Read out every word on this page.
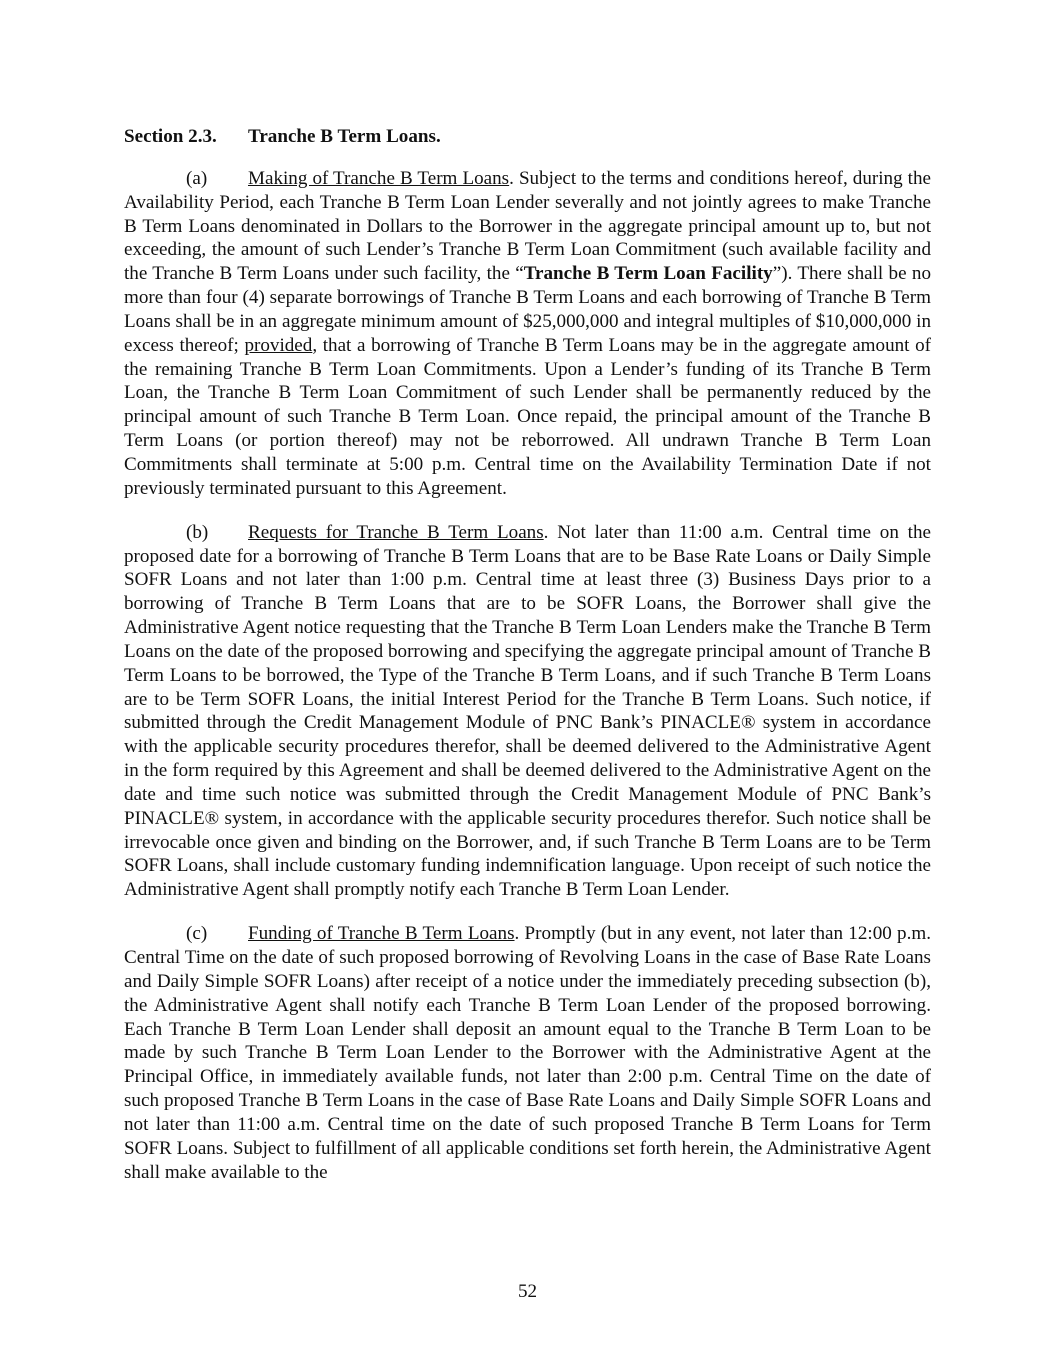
Section 2.3. Tranche B Term Loans.

(a) Making of Tranche B Term Loans. Subject to the terms and conditions hereof, during the Availability Period, each Tranche B Term Loan Lender severally and not jointly agrees to make Tranche B Term Loans denominated in Dollars to the Borrower in the aggregate principal amount up to, but not exceeding, the amount of such Lender’s Tranche B Term Loan Commitment (such available facility and the Tranche B Term Loans under such facility, the “Tranche B Term Loan Facility”). There shall be no more than four (4) separate borrowings of Tranche B Term Loans and each borrowing of Tranche B Term Loans shall be in an aggregate minimum amount of $25,000,000 and integral multiples of $10,000,000 in excess thereof; provided, that a borrowing of Tranche B Term Loans may be in the aggregate amount of the remaining Tranche B Term Loan Commitments. Upon a Lender’s funding of its Tranche B Term Loan, the Tranche B Term Loan Commitment of such Lender shall be permanently reduced by the principal amount of such Tranche B Term Loan. Once repaid, the principal amount of the Tranche B Term Loans (or portion thereof) may not be reborrowed. All undrawn Tranche B Term Loan Commitments shall terminate at 5:00 p.m. Central time on the Availability Termination Date if not previously terminated pursuant to this Agreement.

(b) Requests for Tranche B Term Loans. Not later than 11:00 a.m. Central time on the proposed date for a borrowing of Tranche B Term Loans that are to be Base Rate Loans or Daily Simple SOFR Loans and not later than 1:00 p.m. Central time at least three (3) Business Days prior to a borrowing of Tranche B Term Loans that are to be SOFR Loans, the Borrower shall give the Administrative Agent notice requesting that the Tranche B Term Loan Lenders make the Tranche B Term Loans on the date of the proposed borrowing and specifying the aggregate principal amount of Tranche B Term Loans to be borrowed, the Type of the Tranche B Term Loans, and if such Tranche B Term Loans are to be Term SOFR Loans, the initial Interest Period for the Tranche B Term Loans. Such notice, if submitted through the Credit Management Module of PNC Bank’s PINACLE® system in accordance with the applicable security procedures therefor, shall be deemed delivered to the Administrative Agent in the form required by this Agreement and shall be deemed delivered to the Administrative Agent on the date and time such notice was submitted through the Credit Management Module of PNC Bank’s PINACLE® system, in accordance with the applicable security procedures therefor. Such notice shall be irrevocable once given and binding on the Borrower, and, if such Tranche B Term Loans are to be Term SOFR Loans, shall include customary funding indemnification language. Upon receipt of such notice the Administrative Agent shall promptly notify each Tranche B Term Loan Lender.

(c) Funding of Tranche B Term Loans. Promptly (but in any event, not later than 12:00 p.m. Central Time on the date of such proposed borrowing of Revolving Loans in the case of Base Rate Loans and Daily Simple SOFR Loans) after receipt of a notice under the immediately preceding subsection (b), the Administrative Agent shall notify each Tranche B Term Loan Lender of the proposed borrowing. Each Tranche B Term Loan Lender shall deposit an amount equal to the Tranche B Term Loan to be made by such Tranche B Term Loan Lender to the Borrower with the Administrative Agent at the Principal Office, in immediately available funds, not later than 2:00 p.m. Central Time on the date of such proposed Tranche B Term Loans in the case of Base Rate Loans and Daily Simple SOFR Loans and not later than 11:00 a.m. Central time on the date of such proposed Tranche B Term Loans for Term SOFR Loans. Subject to fulfillment of all applicable conditions set forth herein, the Administrative Agent shall make available to the

52
